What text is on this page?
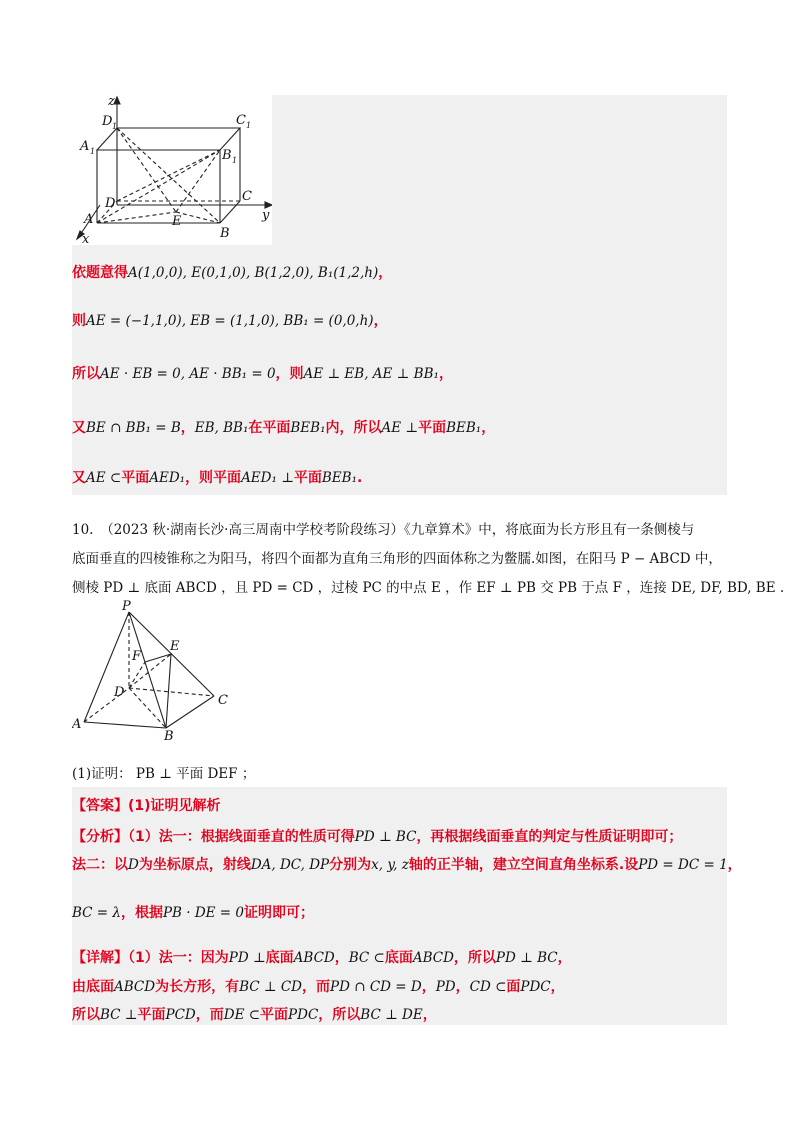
z
y
x
D 1
A 1
C 1
B 1
D
A	E
C
B
依题意得A(1,0,0), E(0,1,0), B(1,2,0), B₁(1,2,h)，
则AE = (−1,1,0), EB = (1,1,0), BB₁ = (0,0,h)，
所以AE · EB = 0, AE · BB₁ = 0，则AE ⊥ EB, AE ⊥ BB₁，
又BE ∩ BB₁ = B，EB, BB₁在平面BEB₁内，所以AE ⊥平面BEB₁，
又AE ⊂平面AED₁，则平面AED₁ ⊥平面BEB₁.
10.　（2023 秋·湖南长沙·高三周南中学校考阶段练习）《九章算术》中，将底面为长方形且有一条侧棱与
底面垂直的四棱锥称之为阳马，将四个面都为直角三角形的四面体称之为鳖臑.如图，在阳马 P − ABCD 中，
侧棱 PD ⊥ 底面 ABCD ，且 PD = CD ，过棱 PC 的中点 E ，作 EF ⊥ PB 交 PB 于点 F ，连接 DE, DF, BD, BE .
P
E
F
D
C
A
B
(1)证明： PB ⊥ 平面 DEF ；
【答案】(1)证明见解析
【分析】（1）法一：根据线面垂直的性质可得PD ⊥ BC，再根据线面垂直的判定与性质证明即可；
法二：以D为坐标原点，射线DA, DC, DP分别为x, y, z轴的正半轴，建立空间直角坐标系.设PD = DC = 1，
BC = λ，根据PB · DE = 0证明即可；
【详解】（1）法一：因为PD ⊥底面ABCD，BC ⊂底面ABCD，所以PD ⊥ BC，
由底面ABCD为长方形，有BC ⊥ CD，而PD ∩ CD = D，PD，CD ⊂面PDC，
所以BC ⊥平面PCD，而DE ⊂平面PDC，所以BC ⊥ DE，
